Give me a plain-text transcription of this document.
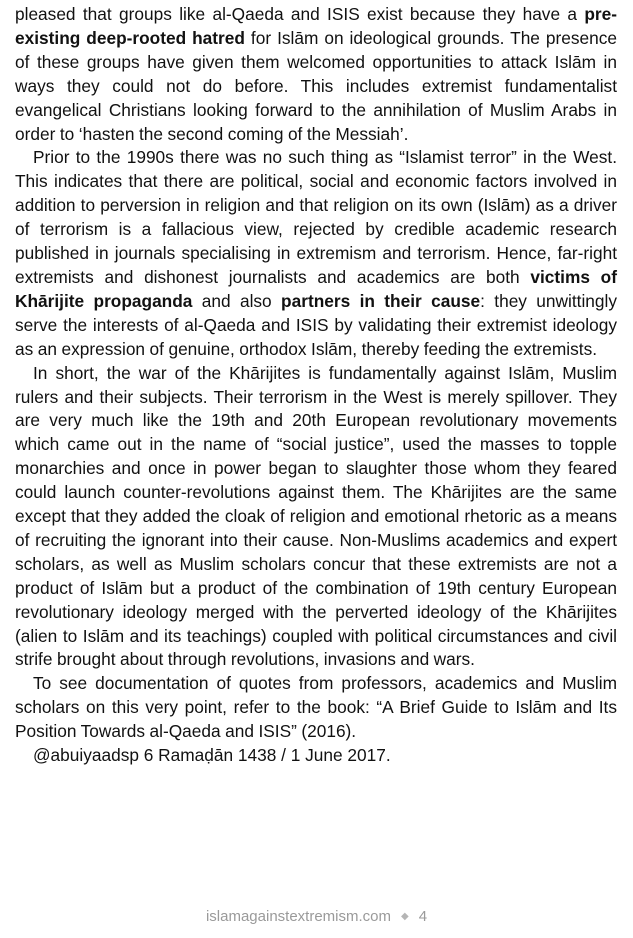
pleased that groups like al-Qaeda and ISIS exist because they have a pre-existing deep-rooted hatred for Islām on ideological grounds. The presence of these groups have given them welcomed opportunities to attack Islām in ways they could not do before. This includes extremist fundamentalist evangelical Christians looking forward to the annihilation of Muslim Arabs in order to ‘hasten the second coming of the Messiah’.

Prior to the 1990s there was no such thing as “Islamist terror” in the West. This indicates that there are political, social and economic factors involved in addition to perversion in religion and that religion on its own (Islām) as a driver of terrorism is a fallacious view, rejected by credible academic research published in journals specialising in extremism and terrorism. Hence, far-right extremists and dishonest journalists and academics are both victims of Khārijite propaganda and also partners in their cause: they unwittingly serve the interests of al-Qaeda and ISIS by validating their extremist ideology as an expression of genuine, orthodox Islām, thereby feeding the extremists.

In short, the war of the Khārijites is fundamentally against Islām, Muslim rulers and their subjects. Their terrorism in the West is merely spillover. They are very much like the 19th and 20th European revolutionary movements which came out in the name of “social justice”, used the masses to topple monarchies and once in power began to slaughter those whom they feared could launch counter-revolutions against them. The Khārijites are the same except that they added the cloak of religion and emotional rhetoric as a means of recruiting the ignorant into their cause. Non-Muslims academics and expert scholars, as well as Muslim scholars concur that these extremists are not a product of Islām but a product of the combination of 19th century European revolutionary ideology merged with the perverted ideology of the Khārijites (alien to Islām and its teachings) coupled with political circumstances and civil strife brought about through revolutions, invasions and wars.

To see documentation of quotes from professors, academics and Muslim scholars on this very point, refer to the book: “A Brief Guide to Islām and Its Position Towards al-Qaeda and ISIS” (2016).

@abuiyaadsp 6 Ramaḍān 1438 / 1 June 2017.

islamagainstextremism.com ◆ 4
